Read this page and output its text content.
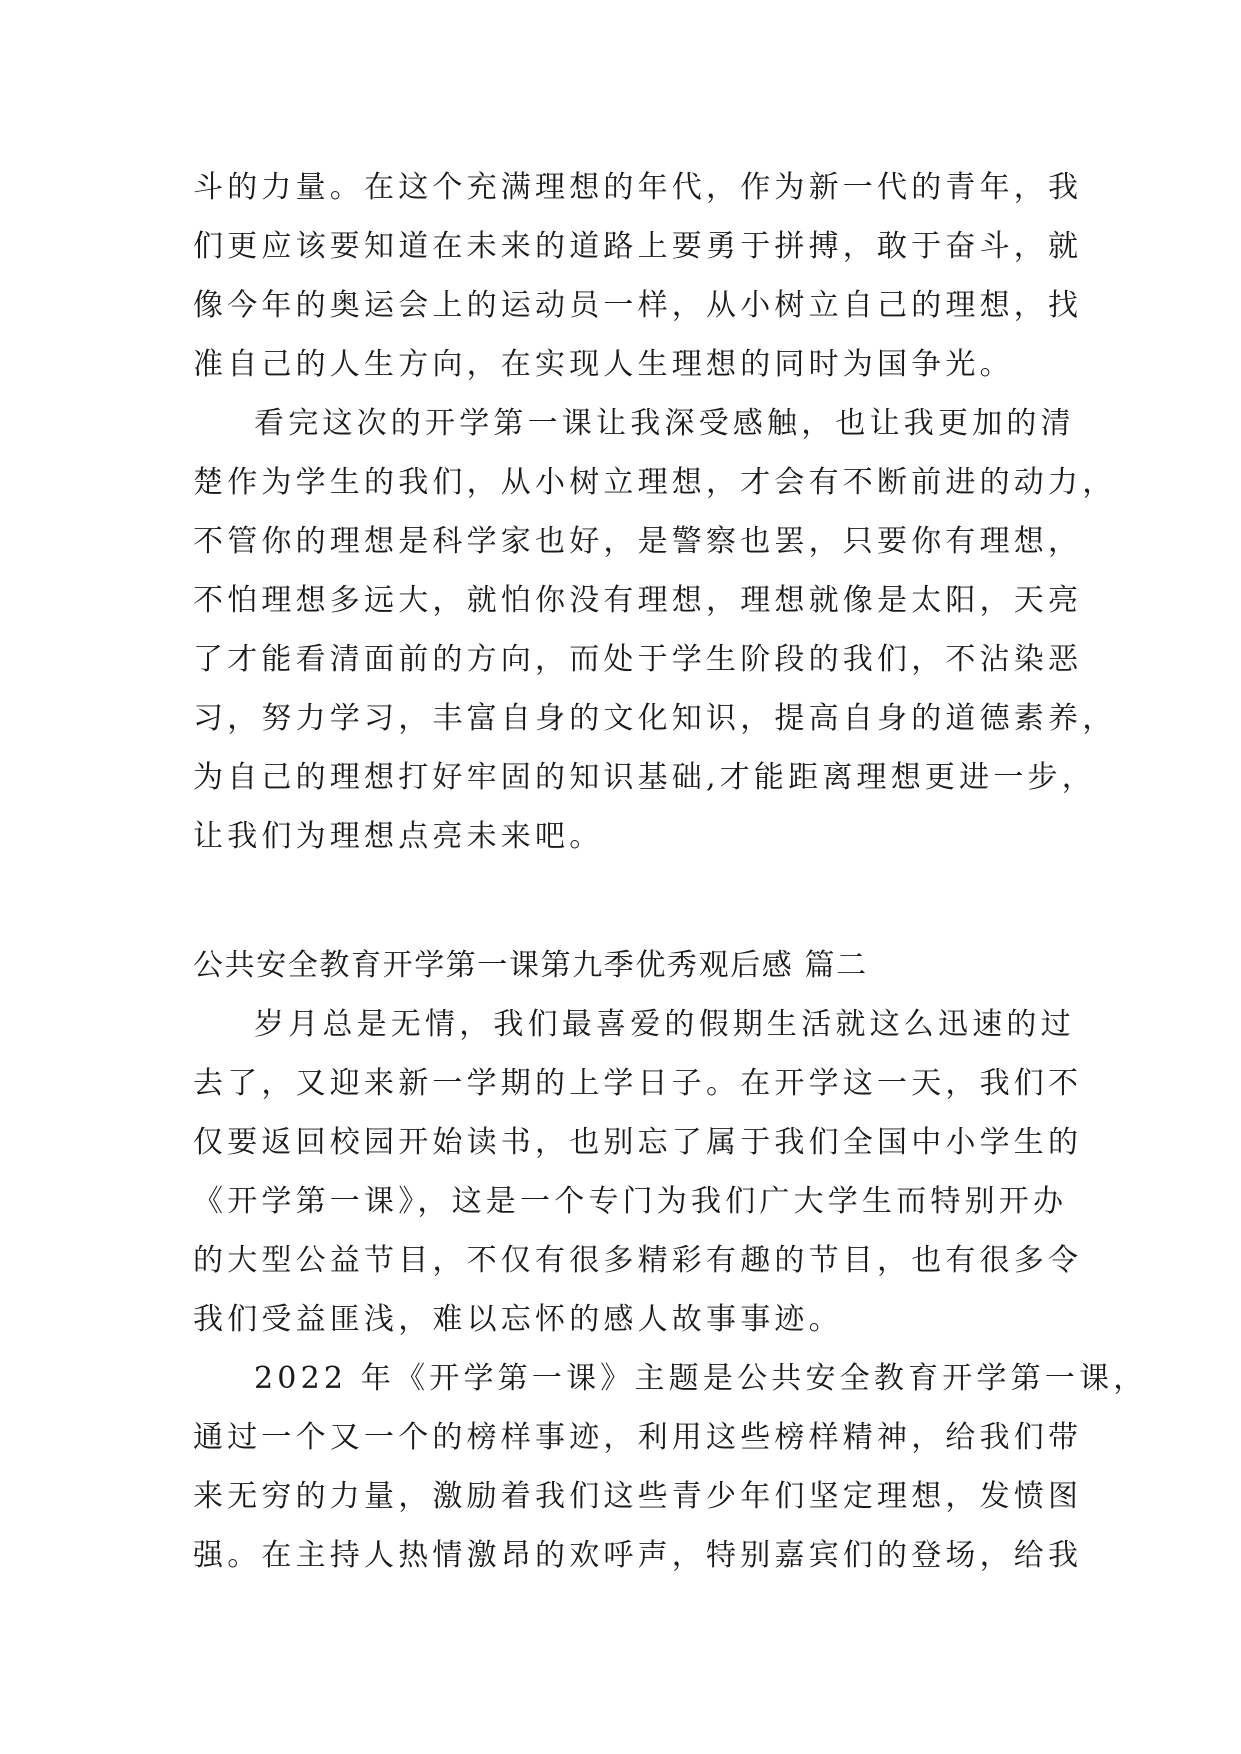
斗的力量。在这个充满理想的年代，作为新一代的青年，我
们更应该要知道在未来的道路上要勇于拼搏，敢于奋斗，就
像今年的奥运会上的运动员一样，从小树立自己的理想，找
准自己的人生方向，在实现人生理想的同时为国争光。
看完这次的开学第一课让我深受感触，也让我更加的清
楚作为学生的我们，从小树立理想，才会有不断前进的动力，
不管你的理想是科学家也好，是警察也罢，只要你有理想，
不怕理想多远大，就怕你没有理想，理想就像是太阳，天亮
了才能看清面前的方向，而处于学生阶段的我们，不沾染恶
习，努力学习，丰富自身的文化知识，提高自身的道德素养，
为自己的理想打好牢固的知识基础,才能距离理想更进一步，
让我们为理想点亮未来吧。
公共安全教育开学第一课第九季优秀观后感 篇二
岁月总是无情，我们最喜爱的假期生活就这么迅速的过
去了，又迎来新一学期的上学日子。在开学这一天，我们不
仅要返回校园开始读书，也别忘了属于我们全国中小学生的
《开学第一课》，这是一个专门为我们广大学生而特别开办
的大型公益节目，不仅有很多精彩有趣的节目，也有很多令
我们受益匪浅，难以忘怀的感人故事事迹。
2022 年《开学第一课》主题是公共安全教育开学第一课，
通过一个又一个的榜样事迹，利用这些榜样精神，给我们带
来无穷的力量，激励着我们这些青少年们坚定理想，发愤图
强。在主持人热情激昂的欢呼声，特别嘉宾们的登场，给我
